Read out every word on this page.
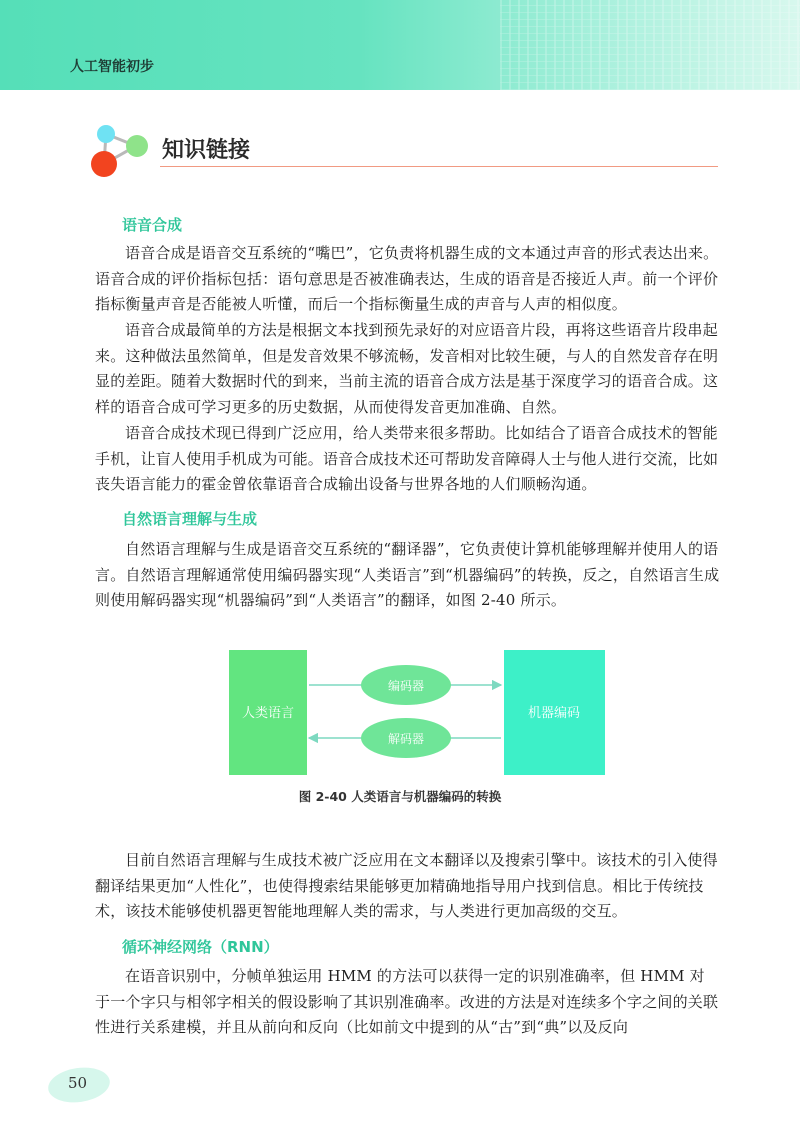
人工智能初步
知识链接
语音合成

语音合成是语音交互系统的“嘴巴”，它负责将机器生成的文本通过声音的形式表达出来。语音合成的评价指标包括：语句意思是否被准确表达，生成的语音是否接近人声。前一个评价指标衡量声音是否能被人听懂，而后一个指标衡量生成的声音与人声的相似度。

语音合成最简单的方法是根据文本找到预先录好的对应语音片段，再将这些语音片段串起来。这种做法虽然简单，但是发音效果不够流畅，发音相对比较生硬，与人的自然发音存在明显的差距。随着大数据时代的到来，当前主流的语音合成方法是基于深度学习的语音合成。这样的语音合成可学习更多的历史数据，从而使得发音更加准确、自然。

语音合成技术现已得到广泛应用，给人类带来很多帮助。比如结合了语音合成技术的智能手机，让盲人使用手机成为可能。语音合成技术还可帮助发音障碍人士与他人进行交流，比如丧失语言能力的霍金曾依靠语音合成输出设备与世界各地的人们顺畅沟通。

自然语言理解与生成

自然语言理解与生成是语音交互系统的“翻译器”，它负责使计算机能够理解并使用人的语言。自然语言理解通常使用编码器实现“人类语言”到“机器编码”的转换，反之，自然语言生成则使用解码器实现“机器编码”到“人类语言”的翻译，如图 2-40 所示。

人类语言	机器编码
编码器
解码器
图 2-40 人类语言与机器编码的转换

目前自然语言理解与生成技术被广泛应用在文本翻译以及搜索引擎中。该技术的引入使得翻译结果更加“人性化”，也使得搜索结果能够更加精确地指导用户找到信息。相比于传统技术，该技术能够使机器更智能地理解人类的需求，与人类进行更加高级的交互。

循环神经网络（RNN）

在语音识别中，分帧单独运用 HMM 的方法可以获得一定的识别准确率，但 HMM 对于一个字只与相邻字相关的假设影响了其识别准确率。改进的方法是对连续多个字之间的关联性进行关系建模，并且从前向和反向（比如前文中提到的从“古”到“典”以及反向

50
